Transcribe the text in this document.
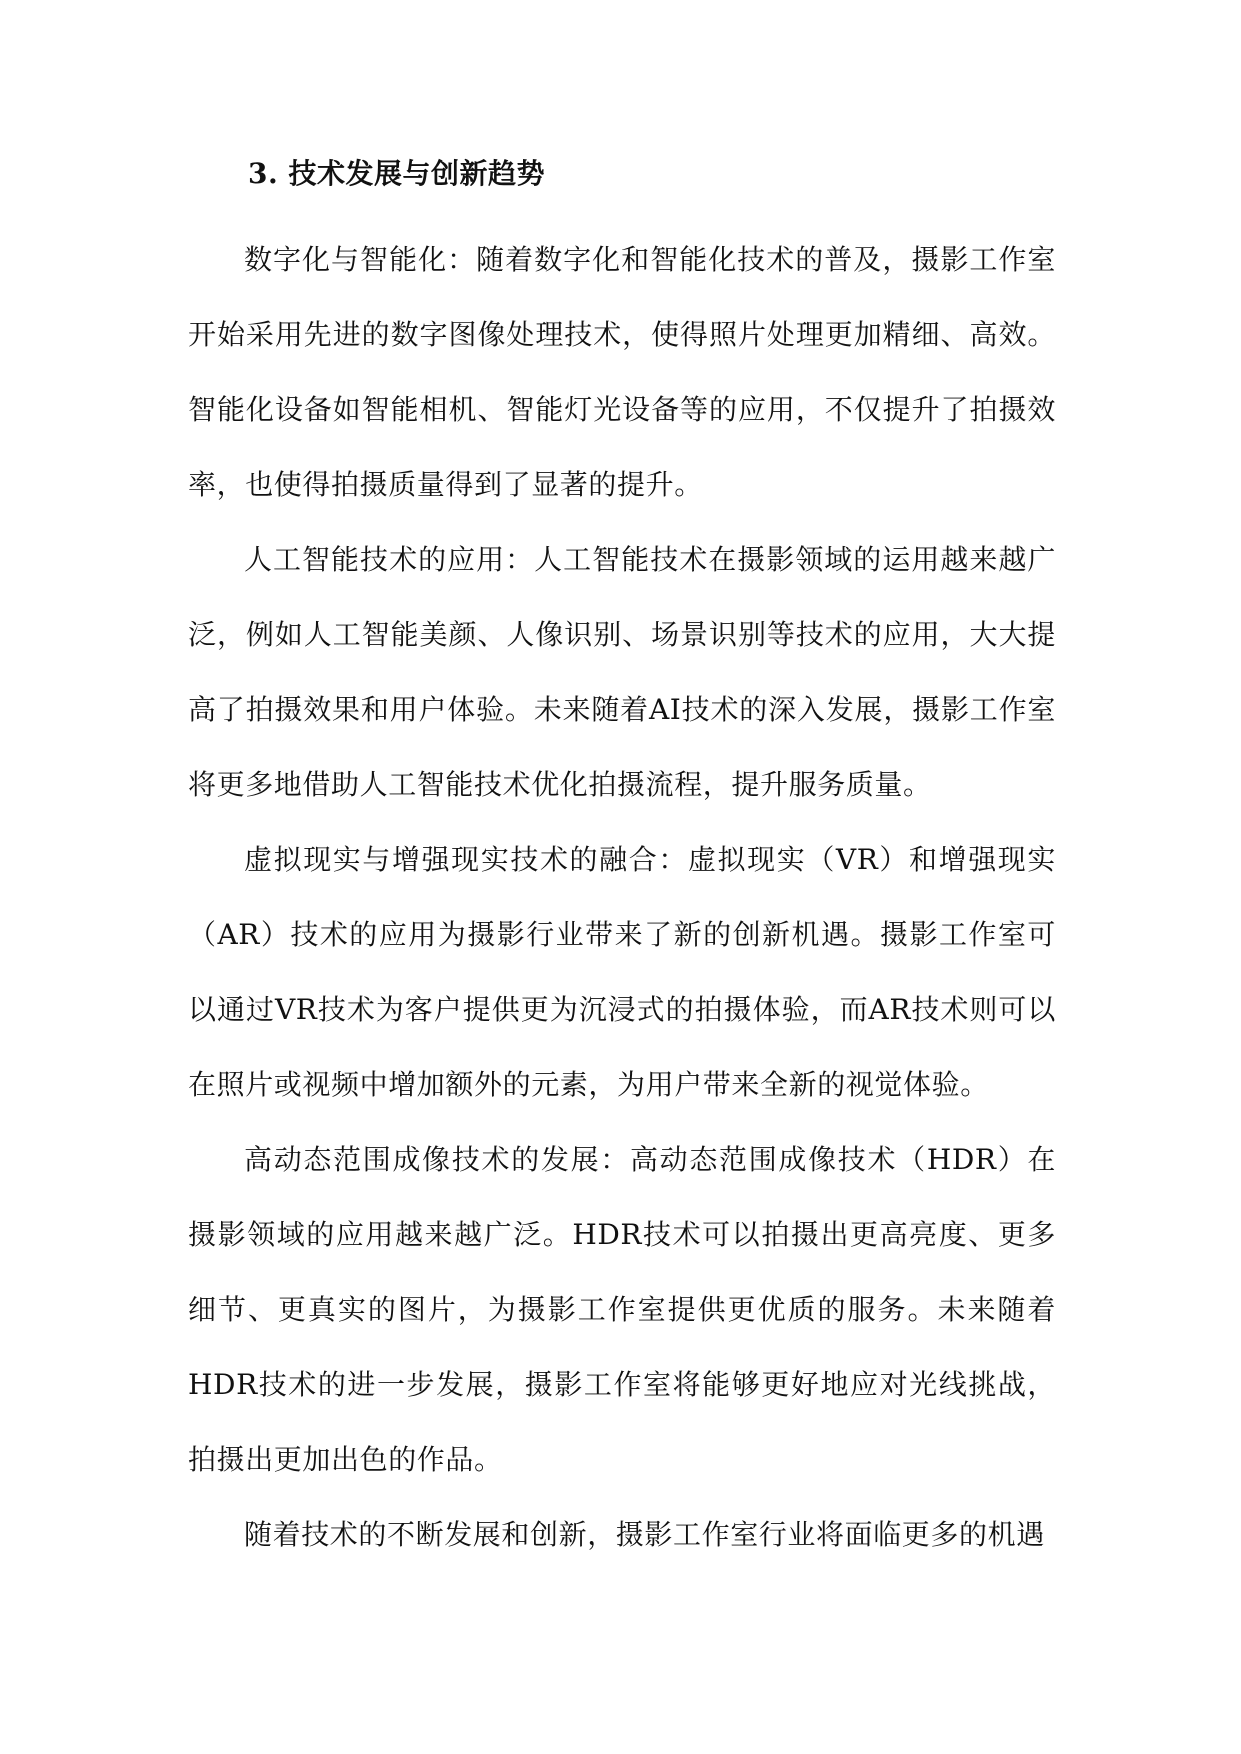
3. 技术发展与创新趋势

数字化与智能化：随着数字化和智能化技术的普及，摄影工作室开始采用先进的数字图像处理技术，使得照片处理更加精细、高效。智能化设备如智能相机、智能灯光设备等的应用，不仅提升了拍摄效率，也使得拍摄质量得到了显著的提升。

人工智能技术的应用：人工智能技术在摄影领域的运用越来越广泛，例如人工智能美颜、人像识别、场景识别等技术的应用，大大提高了拍摄效果和用户体验。未来随着AI技术的深入发展，摄影工作室将更多地借助人工智能技术优化拍摄流程，提升服务质量。

虚拟现实与增强现实技术的融合：虚拟现实（VR）和增强现实（AR）技术的应用为摄影行业带来了新的创新机遇。摄影工作室可以通过VR技术为客户提供更为沉浸式的拍摄体验，而AR技术则可以在照片或视频中增加额外的元素，为用户带来全新的视觉体验。

高动态范围成像技术的发展：高动态范围成像技术（HDR）在摄影领域的应用越来越广泛。HDR技术可以拍摄出更高亮度、更多细节、更真实的图片，为摄影工作室提供更优质的服务。未来随着HDR技术的进一步发展，摄影工作室将能够更好地应对光线挑战，拍摄出更加出色的作品。

随着技术的不断发展和创新，摄影工作室行业将面临更多的机遇
